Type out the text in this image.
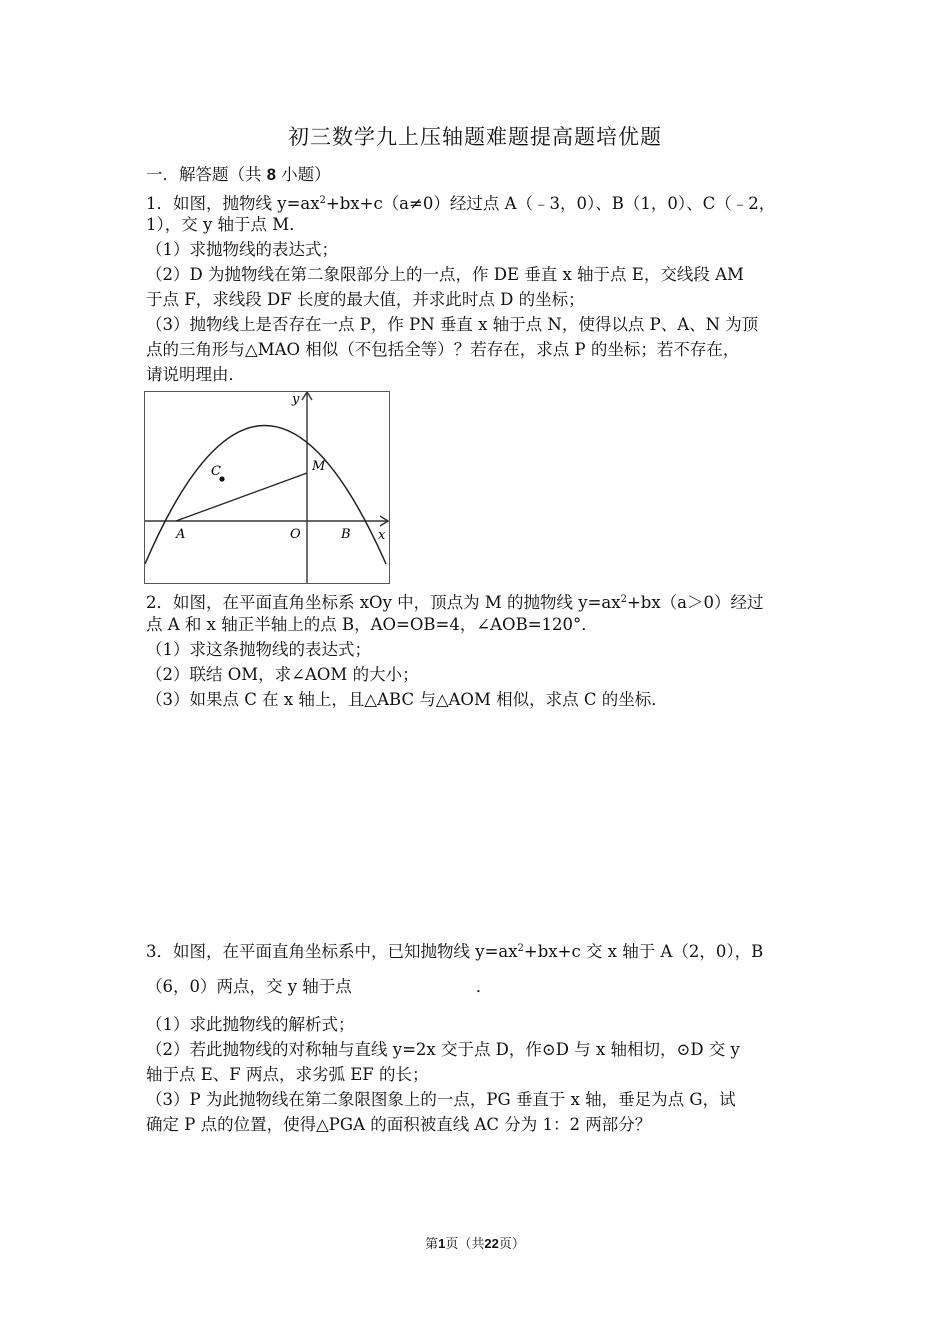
初三数学九上压轴题难题提高题培优题
一．解答题（共 8 小题）
1．如图，抛物线 $y=ax^2+bx+c(a\ne 0)$经过点 A（﹣3，0）、B（1，0）、C（﹣2，
1），交 y 轴于点 M．
（1）求抛物线的表达式；
（2）D 为抛物线在第二象限部分上的一点，作 DE 垂直 x 轴于点 E，交线段 AM
于点 F，求线段 DF 长度的最大值，并求此时点 D 的坐标；
（3）抛物线上是否存在一点 P，作 PN 垂直 x 轴于点 N，使得以点 P、A、N 为顶
点的三角形与△MAO 相似（不包括全等）？若存在，求点 P 的坐标；若不存在，
请说明理由．
y
x
A	O	B
C	M
2．如图，在平面直角坐标系 xOy 中，顶点为 M 的抛物线 $y=ax^2+bx(a>0)$经过
点 A 和 x 轴正半轴上的点 B，AO=OB=4，∠AOB=120°．
（1）求这条抛物线的表达式；
（2）联结 OM，求∠AOM 的大小；
（3）如果点 C 在 x 轴上，且△ABC 与△AOM 相似，求点 C 的坐标．
3．如图，在平面直角坐标系中，已知抛物线 $y=ax^2+bx+c$ 交 x 轴于 A（2，0），B
（6，0）两点，交 y 轴于点	．
（1）求此抛物线的解析式；
（2）若此抛物线的对称轴与直线 y=2x 交于点 D，作⊙D 与 x 轴相切，⊙D 交 y
轴于点 E、F 两点，求劣弧 EF 的长；
（3）P 为此抛物线在第二象限图象上的一点，PG 垂直于 x 轴，垂足为点 G，试
确定 P 点的位置，使得△PGA 的面积被直线 AC 分为 1：2 两部分？
第1页（共22页）
